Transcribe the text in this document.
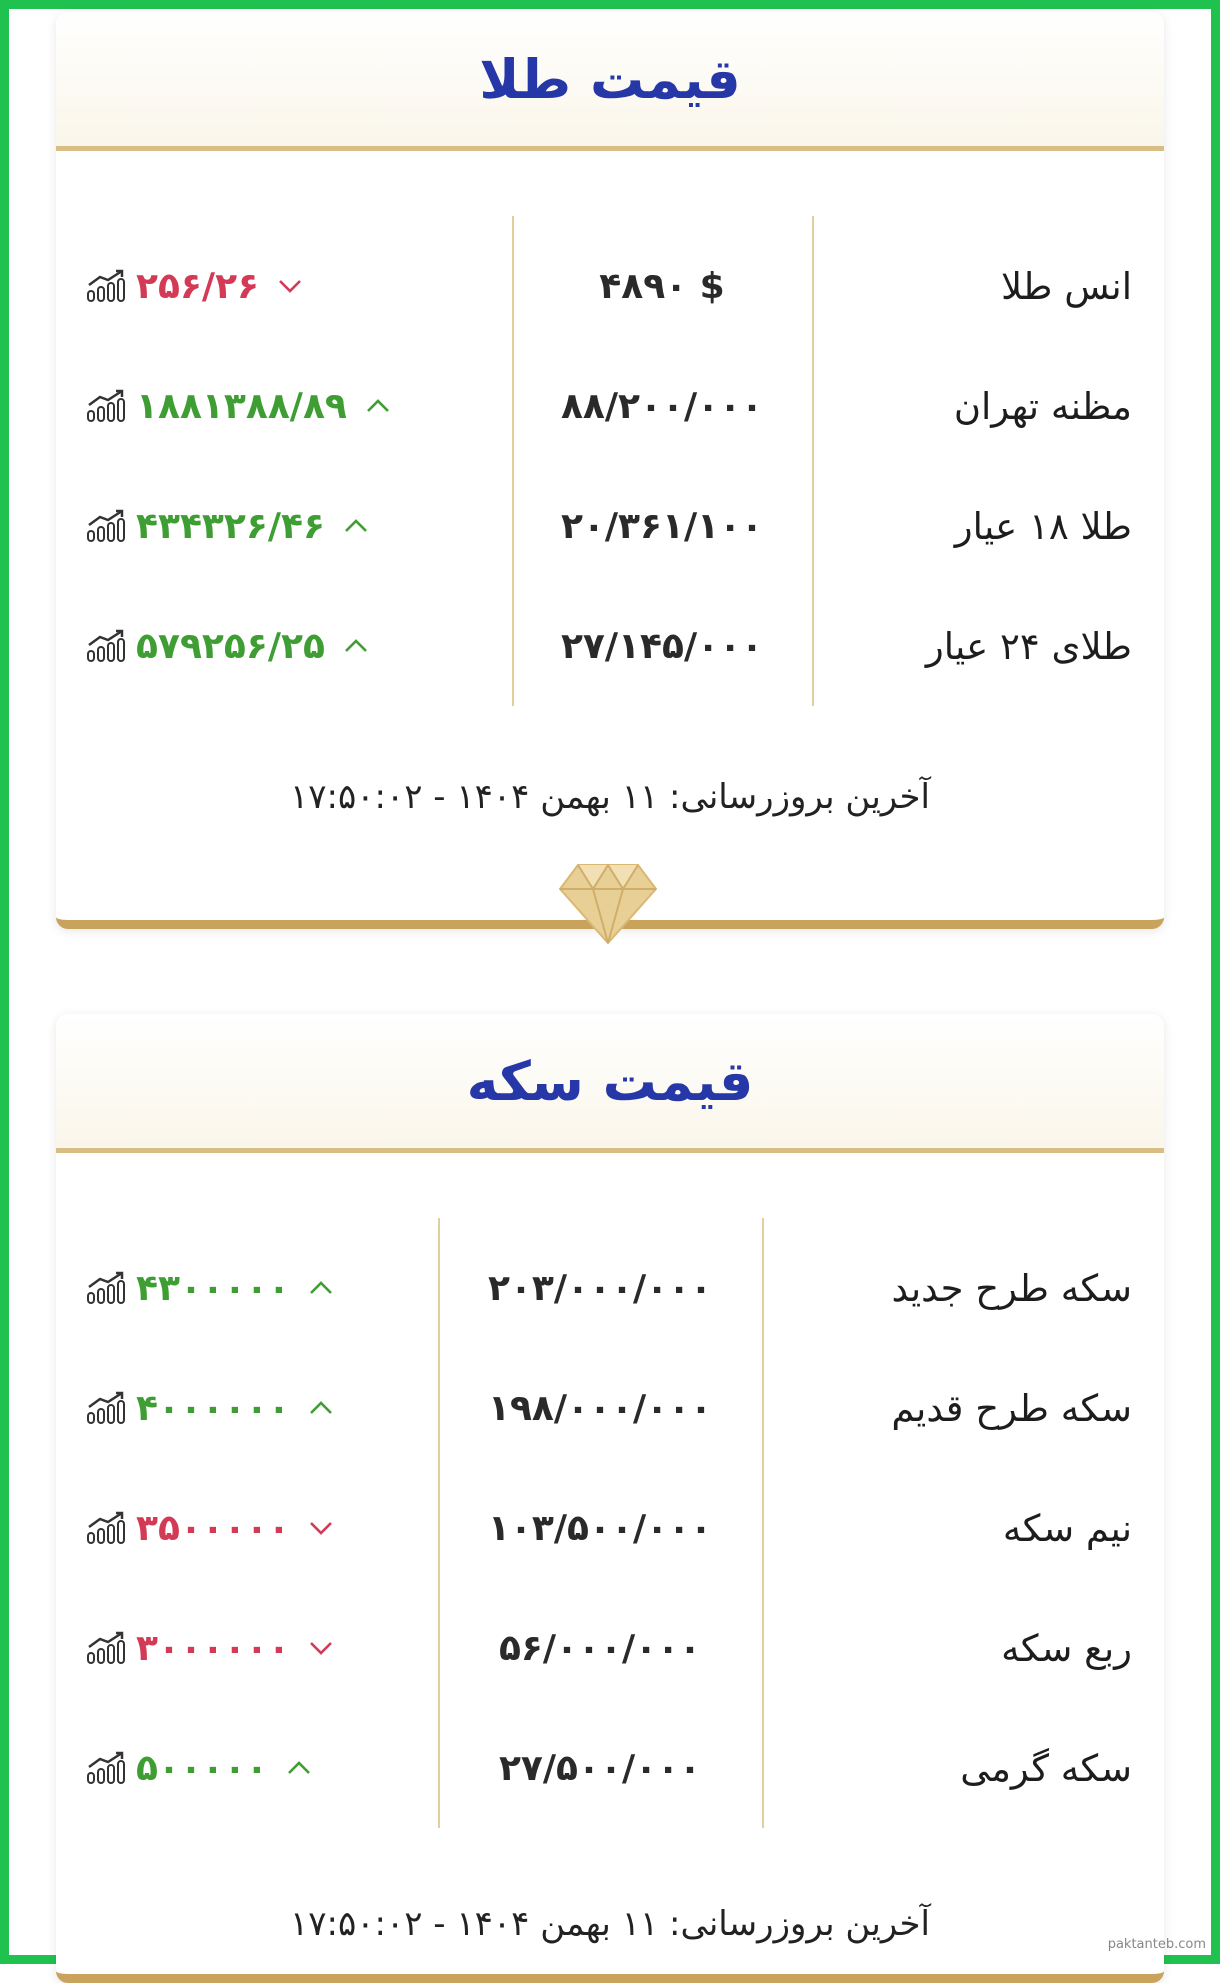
قیمت طلا
انس طلا
۴۸۹۰ $
۲۵۶/۲۶
مظنه تهران
۸۸/۲۰۰/۰۰۰
۱۸۸۱۳۸۸/۸۹
طلا ۱۸ عیار
۲۰/۳۶۱/۱۰۰
۴۳۴۳۲۶/۴۶
طلای ۲۴ عیار
۲۷/۱۴۵/۰۰۰
۵۷۹۲۵۶/۲۵
آخرین بروزرسانی: ۱۱ بهمن ۱۴۰۴ - ۱۷:۵۰:۰۲
قیمت سکه
سکه طرح جدید
۲۰۳/۰۰۰/۰۰۰
۴۳۰۰۰۰۰
سکه طرح قدیم
۱۹۸/۰۰۰/۰۰۰
۴۰۰۰۰۰۰
نیم سکه
۱۰۳/۵۰۰/۰۰۰
۳۵۰۰۰۰۰
ربع سکه
۵۶/۰۰۰/۰۰۰
۳۰۰۰۰۰۰
سکه گرمی
۲۷/۵۰۰/۰۰۰
۵۰۰۰۰۰
آخرین بروزرسانی: ۱۱ بهمن ۱۴۰۴ - ۱۷:۵۰:۰۲
paktanteb.com
